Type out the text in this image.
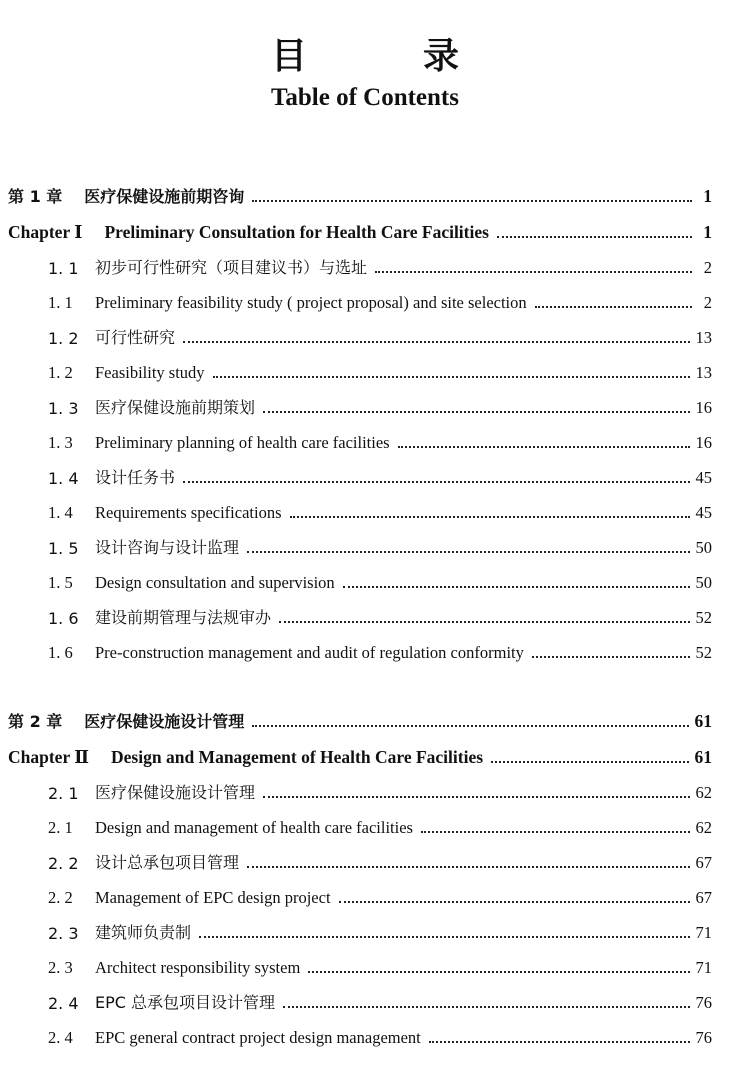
目　录
Table of Contents
第 1 章 医疗保健设施前期咨询	1
Chapter Ⅰ Preliminary Consultation for Health Care Facilities	1
1. 1	初步可行性研究（项目建议书）与选址	2
1. 1	Preliminary feasibility study ( project proposal) and site selection	2
1. 2	可行性研究	13
1. 2	Feasibility study	13
1. 3	医疗保健设施前期策划	16
1. 3	Preliminary planning of health care facilities	16
1. 4	设计任务书	45
1. 4	Requirements specifications	45
1. 5	设计咨询与设计监理	50
1. 5	Design consultation and supervision	50
1. 6	建设前期管理与法规审办	52
1. 6	Pre-construction management and audit of regulation conformity	52
第 2 章 医疗保健设施设计管理	61
Chapter Ⅱ Design and Management of Health Care Facilities	61
2. 1	医疗保健设施设计管理	62
2. 1	Design and management of health care facilities	62
2. 2	设计总承包项目管理	67
2. 2	Management of EPC design project	67
2. 3	建筑师负责制	71
2. 3	Architect responsibility system	71
2. 4	EPC 总承包项目设计管理	76
2. 4	EPC general contract project design management	76
